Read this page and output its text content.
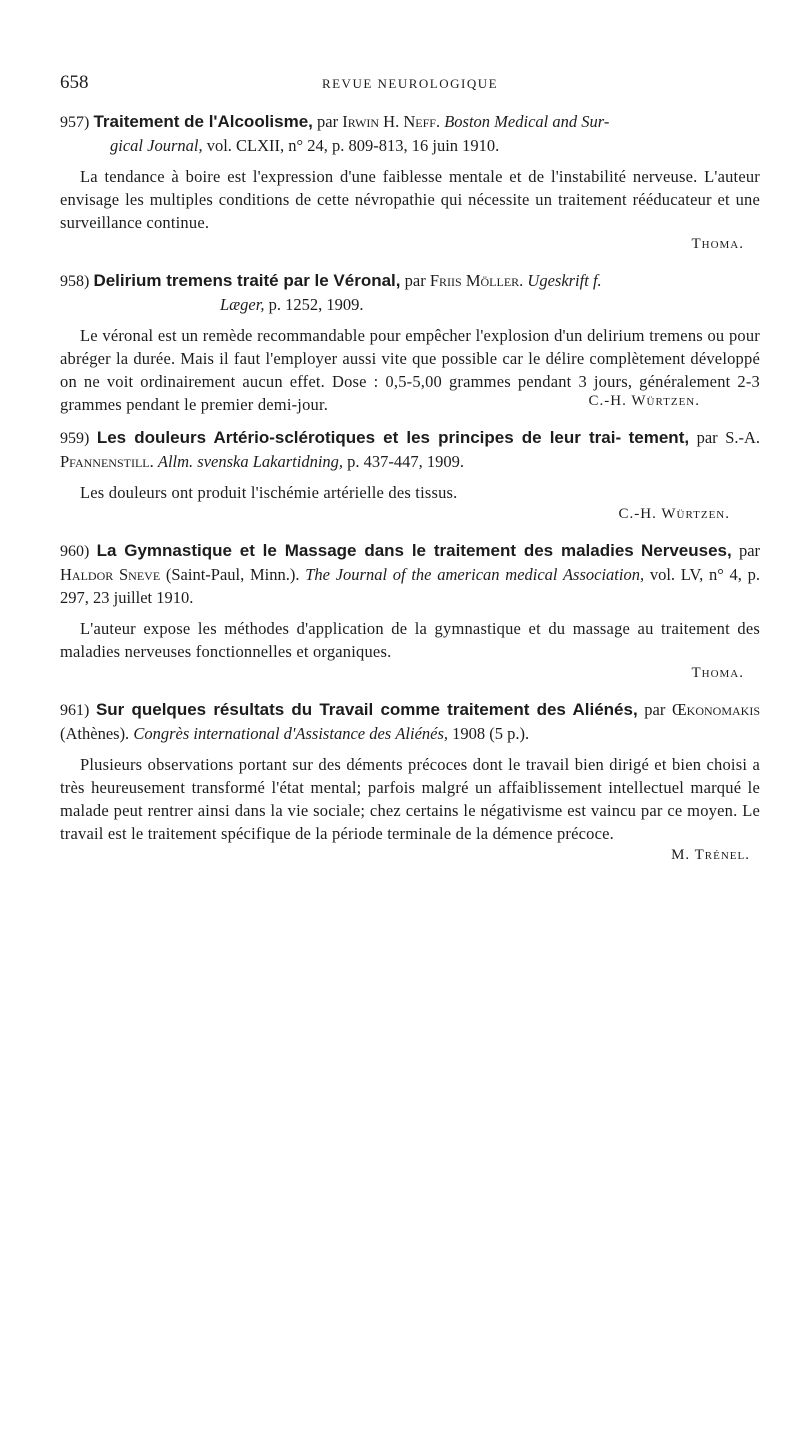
658	REVUE NEUROLOGIQUE

957) Traitement de l'Alcoolisme, par Irwin H. Neff. Boston Medical and Sur-
gical Journal, vol. CLXII, n° 24, p. 809-813, 16 juin 1910.

La tendance à boire est l'expression d'une faiblesse mentale et de l'instabilité nerveuse. L'auteur envisage les multiples conditions de cette névropathie qui nécessite un traitement rééducateur et une surveillance continue.

Thoma.

958) Delirium tremens traité par le Véronal, par Friis Möller. Ugeskrift f.
Læger, p. 1252, 1909.

Le véronal est un remède recommandable pour empêcher l'explosion d'un delirium tremens ou pour abréger la durée. Mais il faut l'employer aussi vite que possible car le délire complètement développé on ne voit ordinairement aucun effet. Dose : 0,5-5,00 grammes pendant 3 jours, généralement 2-3 grammes pendant le premier demi-jour.	C.-H. Würtzen.

959) Les douleurs Artério-sclérotiques et les principes de leur trai- tement, par S.-A. Pfannenstill. Allm. svenska Lakartidning, p. 437-447, 1909.

Les douleurs ont produit l'ischémie artérielle des tissus.

C.-H. Würtzen.

960) La Gymnastique et le Massage dans le traitement des maladies Nerveuses, par Haldor Sneve (Saint-Paul, Minn.). The Journal of the american medical Association, vol. LV, n° 4, p. 297, 23 juillet 1910.

L'auteur expose les méthodes d'application de la gymnastique et du massage au traitement des maladies nerveuses fonctionnelles et organiques.

Thoma.

961) Sur quelques résultats du Travail comme traitement des Aliénés, par Œkonomakis (Athènes). Congrès international d'Assistance des Aliénés, 1908 (5 p.).

Plusieurs observations portant sur des déments précoces dont le travail bien dirigé et bien choisi a très heureusement transformé l'état mental; parfois malgré un affaiblissement intellectuel marqué le malade peut rentrer ainsi dans la vie sociale; chez certains le négativisme est vaincu par ce moyen. Le travail est le traitement spécifique de la période terminale de la démence précoce.

M. Trénel.
